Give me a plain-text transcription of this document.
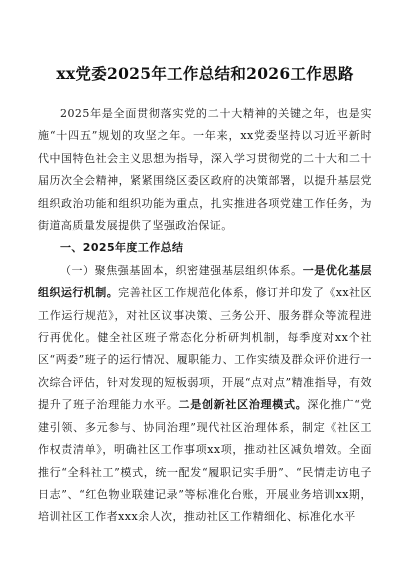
xx党委2025年工作总结和2026工作思路

2025年是全面贯彻落实党的二十大精神的关键之年，也是实施“十四五”规划的攻坚之年。一年来，xx党委坚持以习近平新时代中国特色社会主义思想为指导，深入学习贯彻党的二十大和二十届历次全会精神，紧紧围绕区委区政府的决策部署，以提升基层党组织政治功能和组织功能为重点，扎实推进各项党建工作任务，为街道高质量发展提供了坚强政治保证。

一、2025年度工作总结

（一）聚焦强基固本，织密建强基层组织体系。一是优化基层组织运行机制。完善社区工作规范化体系，修订并印发了《xx社区工作运行规范》，对社区议事决策、三务公开、服务群众等流程进行再优化。健全社区班子常态化分析研判机制，每季度对xx个社区“两委”班子的运行情况、履职能力、工作实绩及群众评价进行一次综合评估，针对发现的短板弱项，开展“点对点”精准指导，有效提升了班子治理能力水平。二是创新社区治理模式。深化推广“党建引领、多元参与、协同治理”现代社区治理体系，制定《社区工作权责清单》，明确社区工作事项xx项，推动社区减负增效。全面推行“全科社工”模式，统一配发“履职记实手册”、“民情走访电子日志”、“红色物业联建记录”等标准化台账，开展业务培训xx期，培训社区工作者xxx余人次，推动社区工作精细化、标准化水平
